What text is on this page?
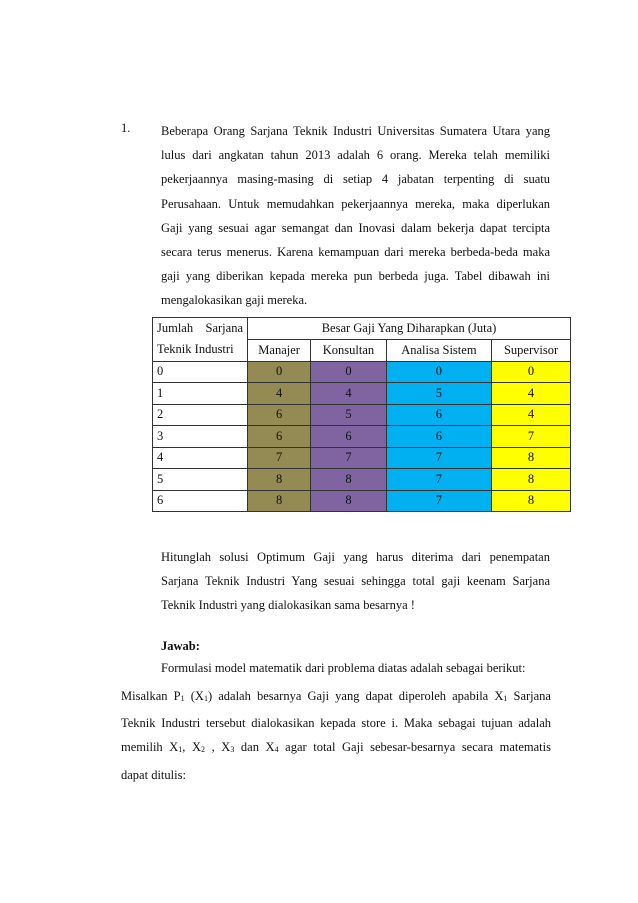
1. Beberapa Orang Sarjana Teknik Industri Universitas Sumatera Utara yang
lulus dari angkatan tahun 2013 adalah 6 orang. Mereka telah memiliki
pekerjaannya masing-masing di setiap 4 jabatan terpenting di suatu
Perusahaan. Untuk memudahkan pekerjaannya mereka, maka diperlukan
Gaji yang sesuai agar semangat dan Inovasi dalam bekerja dapat tercipta
secara terus menerus. Karena kemampuan dari mereka berbeda-beda maka
gaji yang diberikan kepada mereka pun berbeda juga. Tabel dibawah ini
mengalokasikan gaji mereka.
Jumlah Sarjana
Teknik Industri	Besar Gaji Yang Diharapkan (Juta)			
	Manajer	Konsultan	Analisa Sistem	Supervisor
0	0	0	0	0
1	4	4	5	4
2	6	5	6	4
3	6	6	6	7
4	7	7	7	8
5	8	8	7	8
6	8	8	7	8
Hitunglah solusi Optimum Gaji yang harus diterima dari penempatan
Sarjana Teknik Industri Yang sesuai sehingga total gaji keenam Sarjana
Teknik Industri yang dialokasikan sama besarnya !
Jawab:
Formulasi model matematik dari problema diatas adalah sebagai berikut:
Misalkan $P_1$ $(X_1)$ adalah besarnya Gaji yang dapat diperoleh apabila $X_1$ Sarjana
Teknik Industri tersebut dialokasikan kepada store i. Maka sebagai tujuan adalah
memilih $X_1$, $X_2$ , $X_3$ dan $X_4$ agar total Gaji sebesar-besarnya secara matematis
dapat ditulis:
